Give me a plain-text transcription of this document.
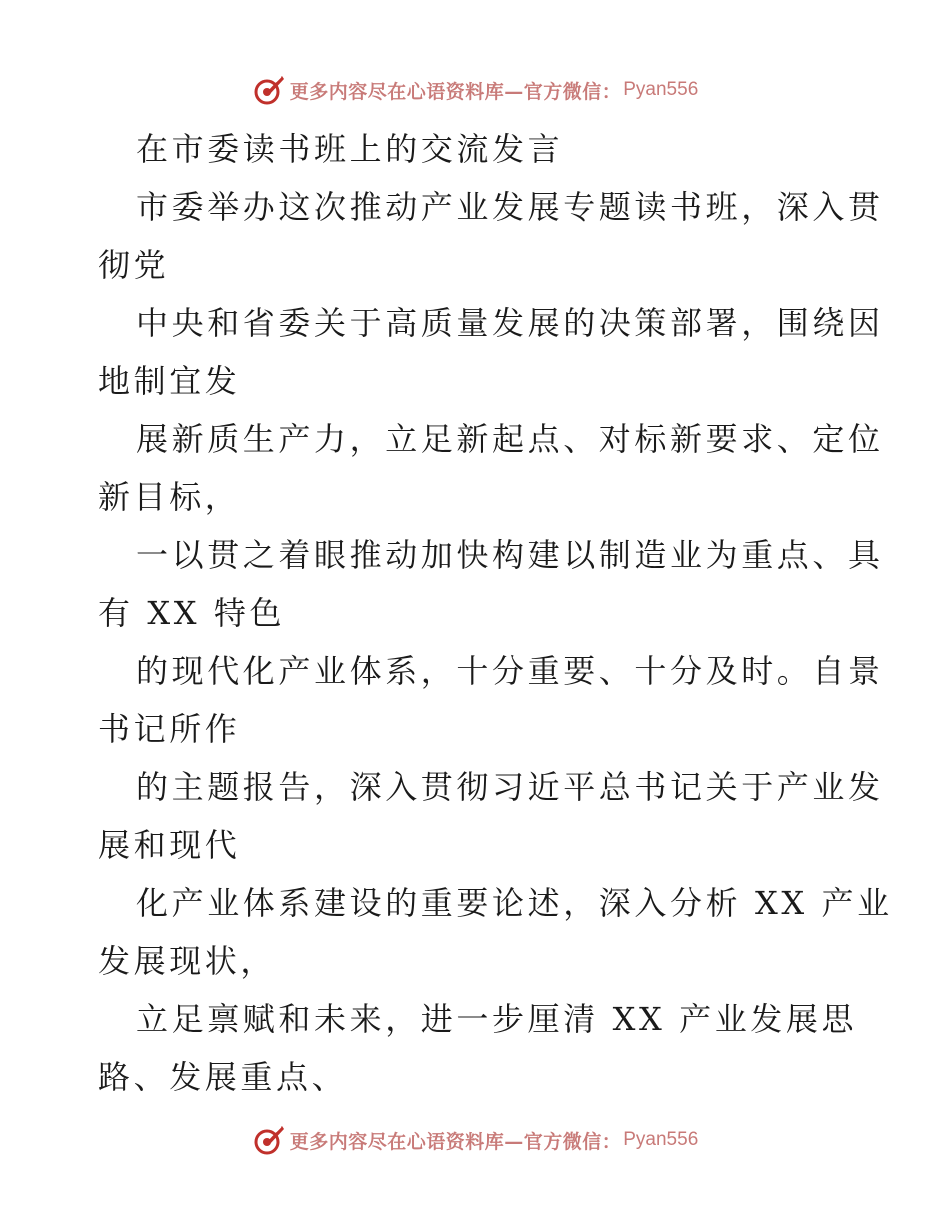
更多内容尽在心语资料库—官方微信： Pyan556
在市委读书班上的交流发言
市委举办这次推动产业发展专题读书班，深入贯
彻党
中央和省委关于高质量发展的决策部署，围绕因
地制宜发
展新质生产力，立足新起点、对标新要求、定位
新目标，
一以贯之着眼推动加快构建以制造业为重点、具
有 XX 特色
的现代化产业体系，十分重要、十分及时。自景
书记所作
的主题报告，深入贯彻习近平总书记关于产业发
展和现代
化产业体系建设的重要论述，深入分析 XX 产业
发展现状，
立足禀赋和未来，进一步厘清 XX 产业发展思
路、发展重点、
更多内容尽在心语资料库—官方微信： Pyan556
